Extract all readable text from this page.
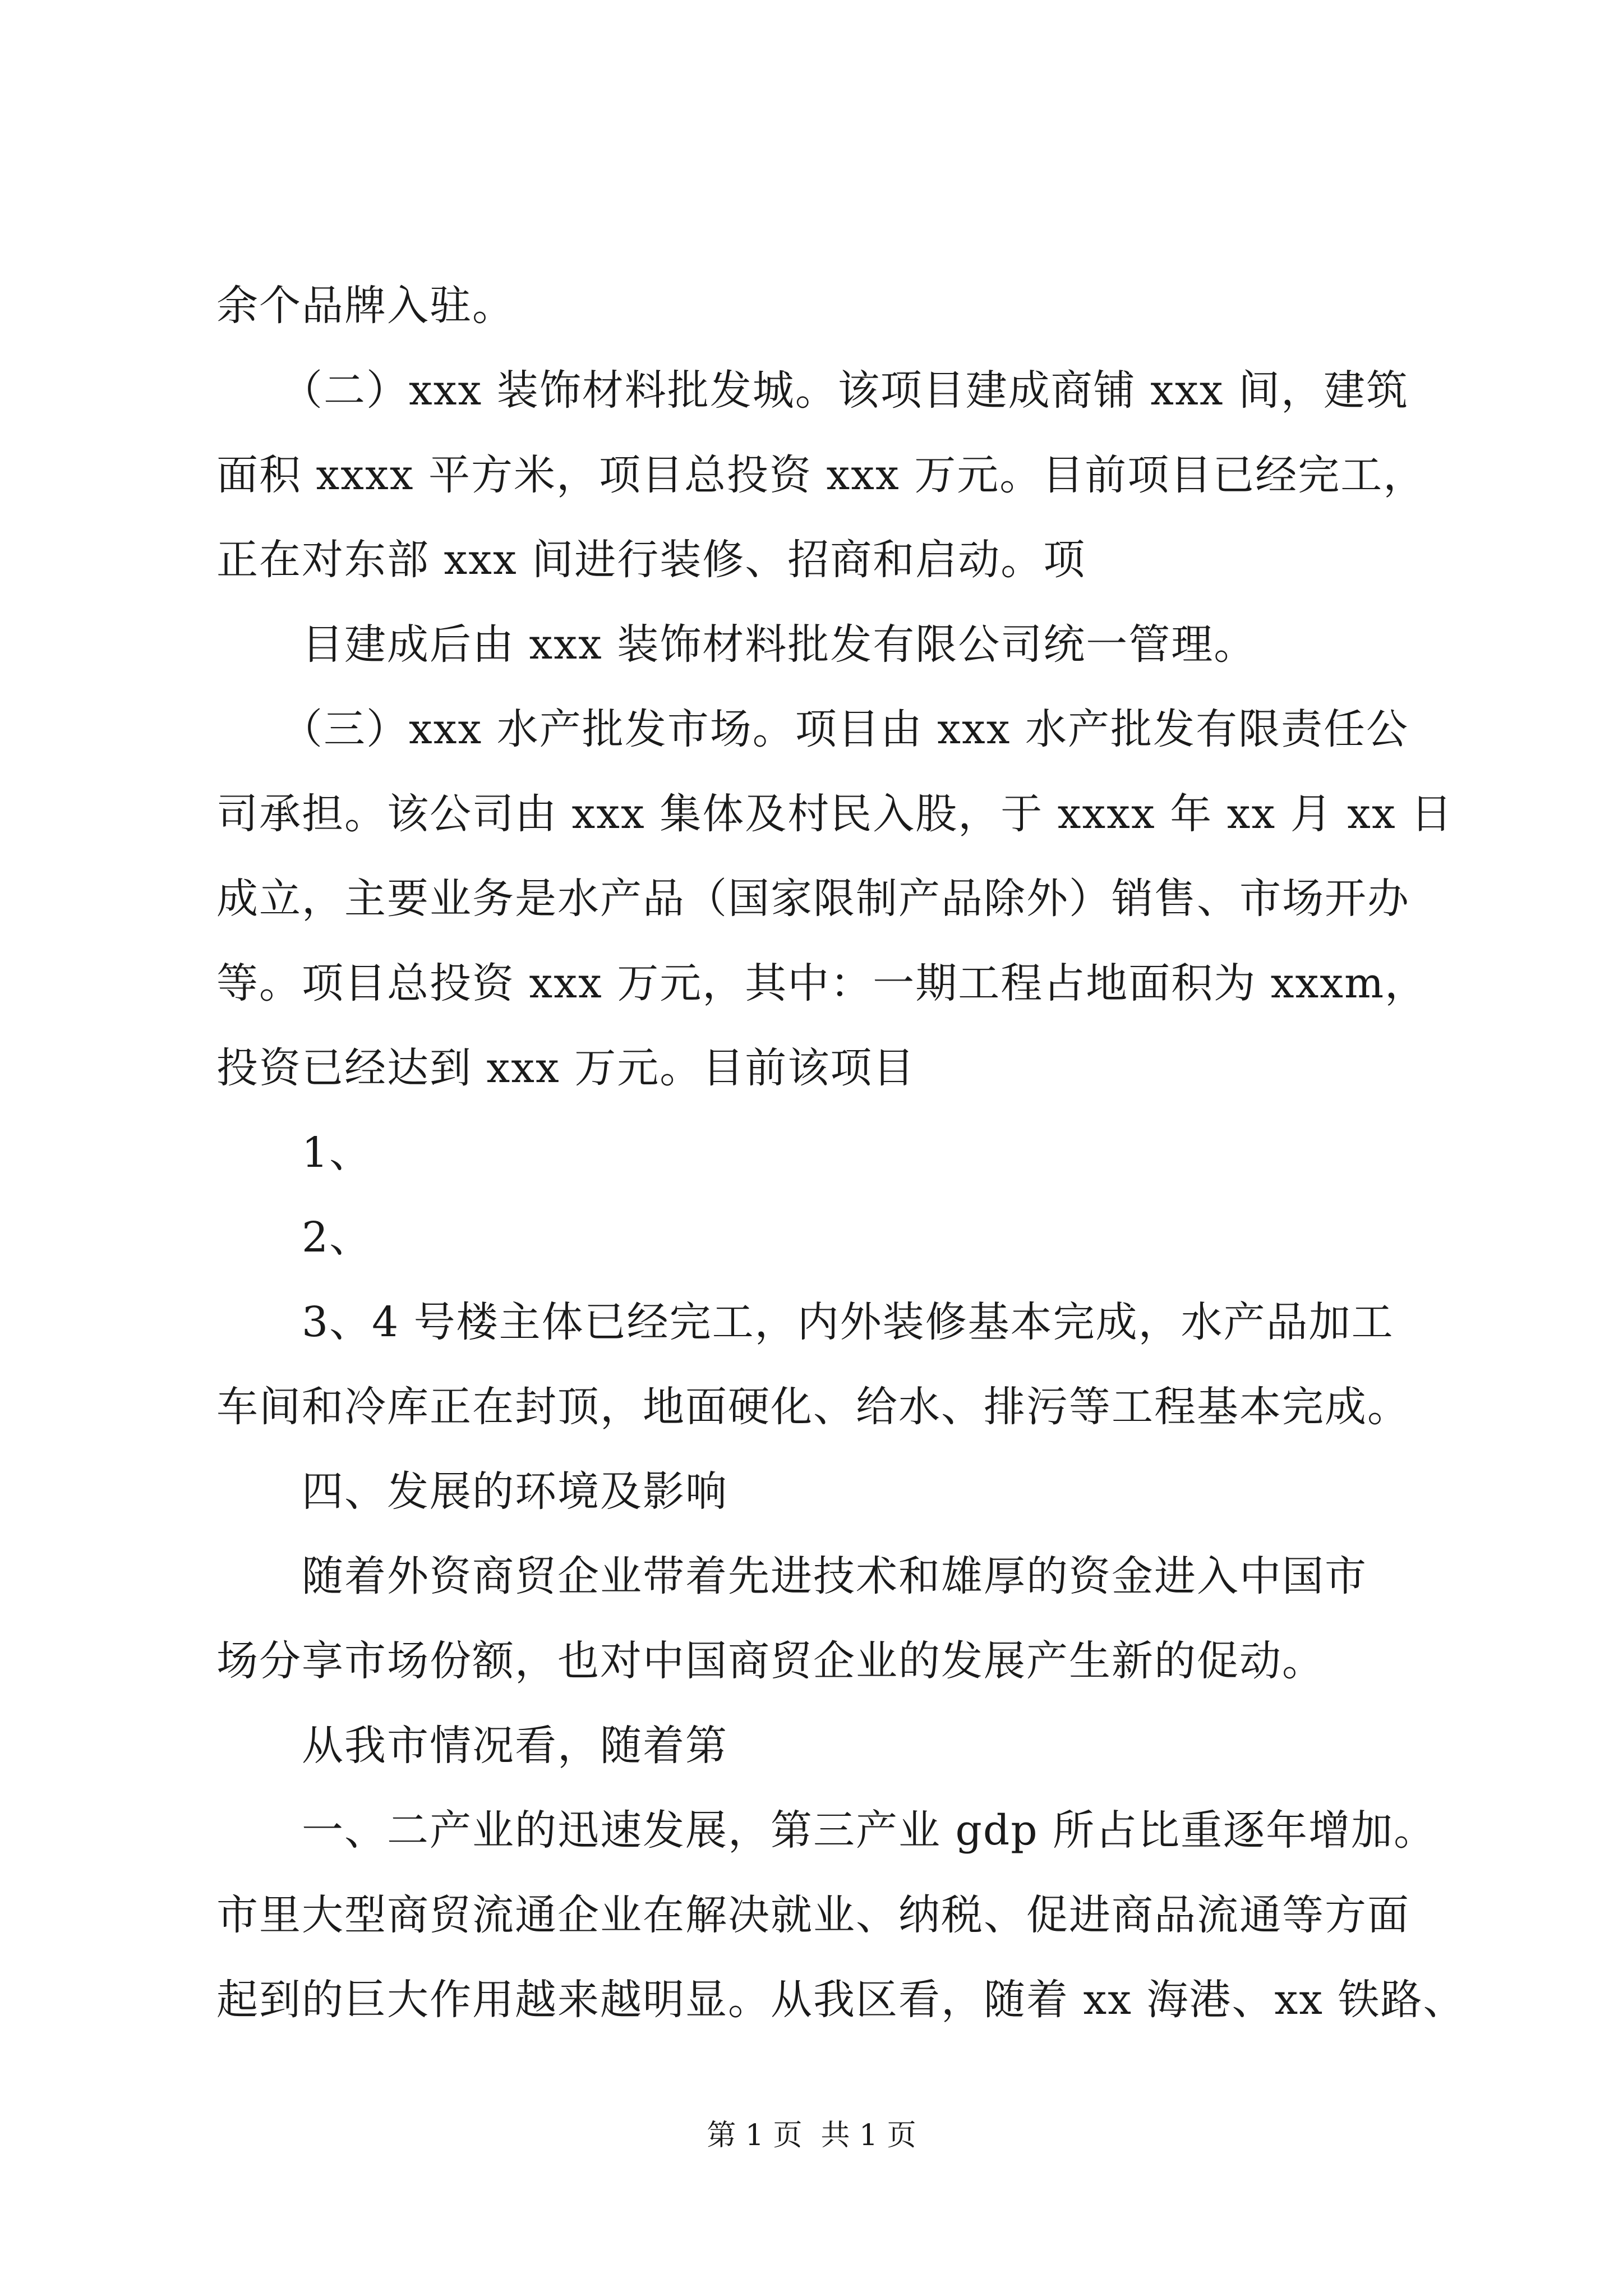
余个品牌入驻。
　　（二）xxx 装饰材料批发城。该项目建成商铺 xxx 间，建筑
面积 xxxx 平方米，项目总投资 xxx 万元。目前项目已经完工，
正在对东部 xxx 间进行装修、招商和启动。项
　　目建成后由 xxx 装饰材料批发有限公司统一管理。
　　（三）xxx 水产批发市场。项目由 xxx 水产批发有限责任公
司承担。该公司由 xxx 集体及村民入股，于 xxxx 年 xx 月 xx 日
成立，主要业务是水产品（国家限制产品除外）销售、市场开办
等。项目总投资 xxx 万元，其中：一期工程占地面积为 xxxm，
投资已经达到 xxx 万元。目前该项目
　　1、
　　2、
　　3、4 号楼主体已经完工，内外装修基本完成，水产品加工
车间和冷库正在封顶，地面硬化、给水、排污等工程基本完成。
　　四、发展的环境及影响
　　随着外资商贸企业带着先进技术和雄厚的资金进入中国市
场分享市场份额，也对中国商贸企业的发展产生新的促动。
　　从我市情况看，随着第
　　一、二产业的迅速发展，第三产业 gdp 所占比重逐年增加。
市里大型商贸流通企业在解决就业、纳税、促进商品流通等方面
起到的巨大作用越来越明显。从我区看，随着 xx 海港、xx 铁路、
第 1 页  共 1 页
